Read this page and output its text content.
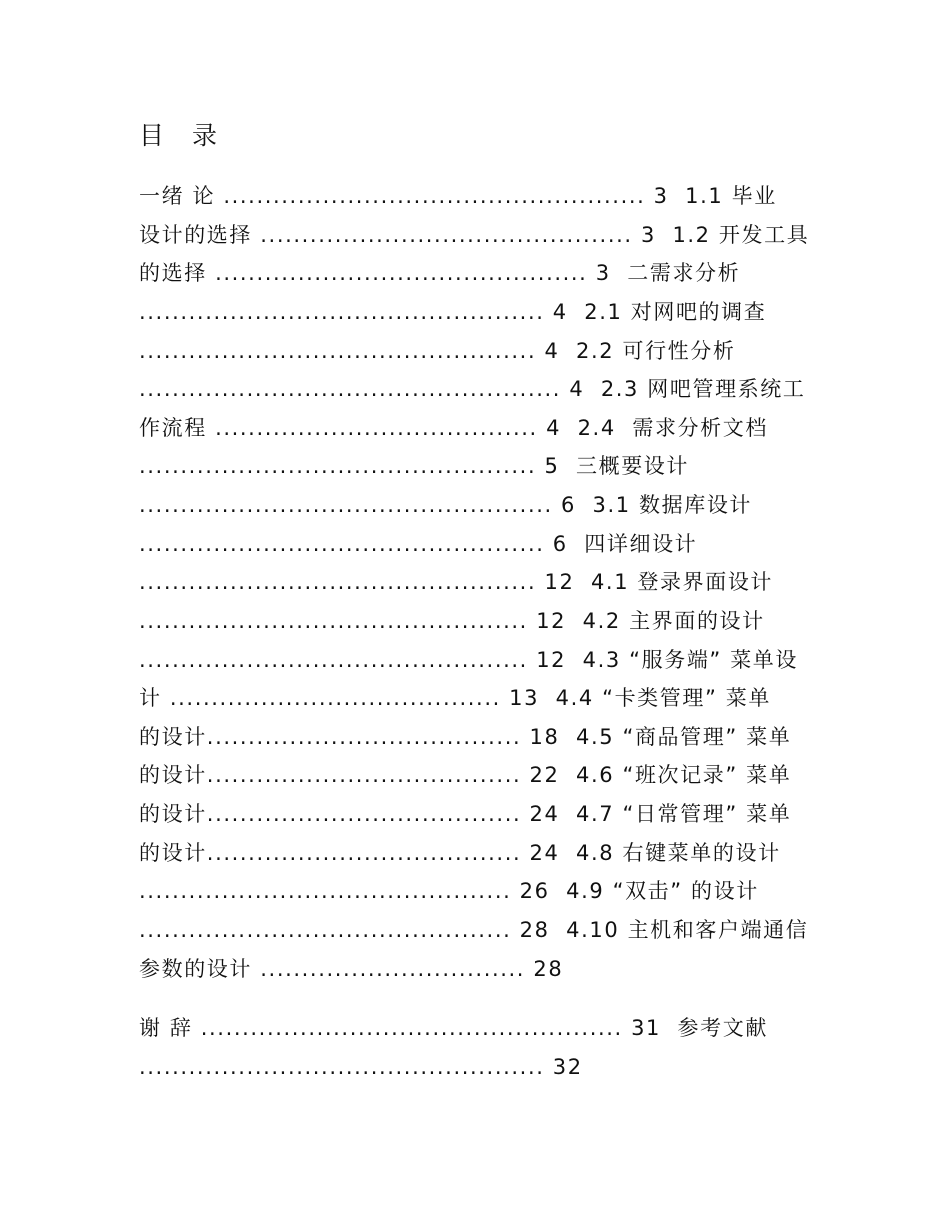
目 录
一绪 论 ................................................... 3  1.1 毕业
设计的选择 ............................................. 3  1.2 开发工具
的选择 ............................................. 3  二需求分析
................................................. 4  2.1 对网吧的调查
................................................ 4  2.2 可行性分析
................................................... 4  2.3 网吧管理系统工
作流程 ....................................... 4  2.4  需求分析文档
................................................ 5  三概要设计
.................................................. 6  3.1 数据库设计
................................................. 6  四详细设计
................................................ 12  4.1 登录界面设计
............................................... 12  4.2 主界面的设计
............................................... 12  4.3 “服务端” 菜单设
计 ........................................ 13  4.4 “卡类管理” 菜单
的设计...................................... 18  4.5 “商品管理” 菜单
的设计...................................... 22  4.6 “班次记录” 菜单
的设计...................................... 24  4.7 “日常管理” 菜单
的设计...................................... 24  4.8 右键菜单的设计
............................................. 26  4.9 “双击” 的设计
............................................. 28  4.10 主机和客户端通信
参数的设计 ................................ 28
谢 辞 ................................................... 31  参考文献
................................................. 32
